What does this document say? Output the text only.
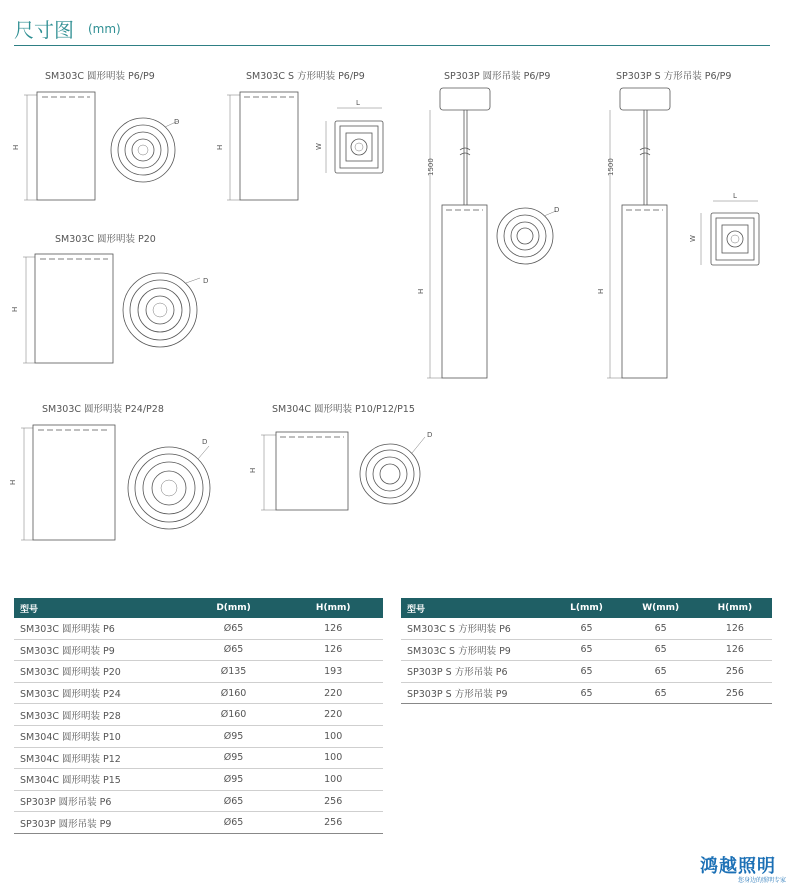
尺寸图 (mm)
SM303C 圆形明装 P6/P9	SM303C S 方形明装 P6/P9	SP303P 圆形吊装 P6/P9	SP303P S 方形吊装 P6/P9
SM303C 圆形明装 P20
SM303C 圆形明装 P24/P28	SM304C 圆形明装 P10/P12/P15
H
D
H
L
W
1500
H
D
1500
H
L
W
H
D
H
D
H
D
型号	D(mm)	H(mm)
SM303C 圆形明装 P6	Ø65	126
SM303C 圆形明装 P9	Ø65	126
SM303C 圆形明装 P20	Ø135	193
SM303C 圆形明装 P24	Ø160	220
SM303C 圆形明装 P28	Ø160	220
SM304C 圆形明装 P10	Ø95	100
SM304C 圆形明装 P12	Ø95	100
SM304C 圆形明装 P15	Ø95	100
SP303P 圆形吊装 P6	Ø65	256
SP303P 圆形吊装 P9	Ø65	256
型号	L(mm)	W(mm)	H(mm)
SM303C S 方形明装 P6	65	65	126
SM303C S 方形明装 P9	65	65	126
SP303P S 方形吊装 P6	65	65	256
SP303P S 方形吊装 P9	65	65	256
鸿越照明
您身边的照明专家
